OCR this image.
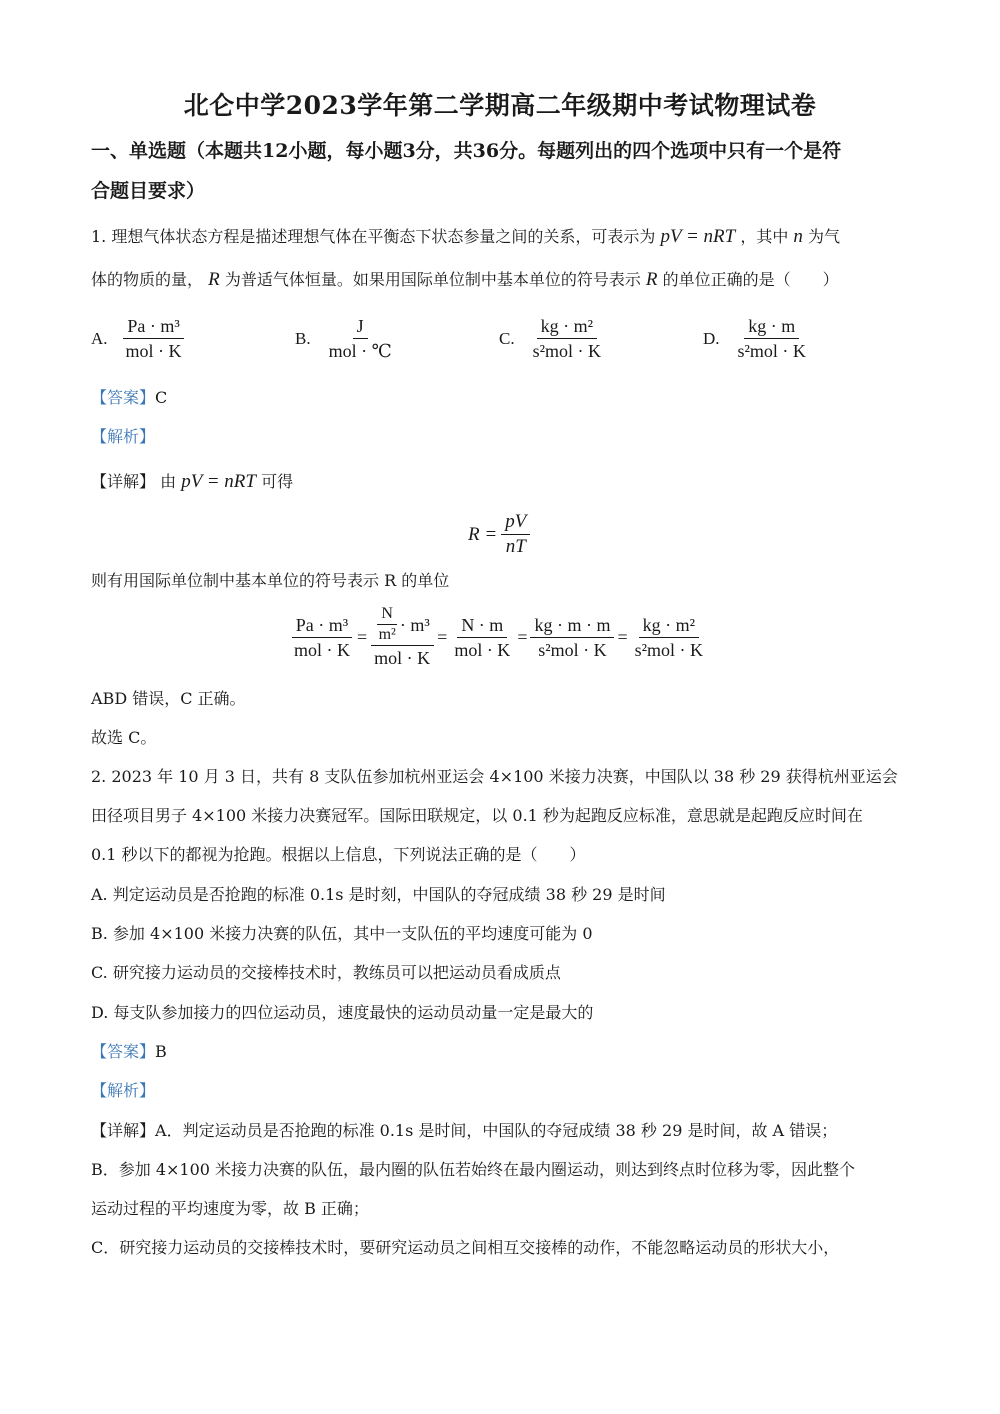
北仑中学2023学年第二学期高二年级期中考试物理试卷
一、单选题（本题共12小题，每小题3分，共36分。每题列出的四个选项中只有一个是符
合题目要求）
1. 理想气体状态方程是描述理想气体在平衡态下状态参量之间的关系，可表示为 pV = nRT ，其中 n 为气
体的物质的量， R 为普适气体恒量。如果用国际单位制中基本单位的符号表示 R 的单位正确的是（　　）
A. $\frac{\text{Pa · m³}}{\text{mol · K}}$	B. $\frac{J}{\text{mol · ℃}}$	C. $\frac{\text{kg · m²}}{\text{s²mol · K}}$	D. $\frac{kg \cdot m}{\text{s²mol · K}}$
【答案】C
【解析】
【详解】 由 pV = nRT 可得
$R = \frac{pV}{nT}$
则有用国际单位制中基本单位的符号表示 R 的单位
$\frac{\text{Pa · m³}}{\text{mol · K}} = \frac{\frac{N}{\text{m²}} \cdot m^3}{\text{mol · K}} = \frac{N \cdot m}{\text{mol · K}} = \frac{kg \cdot m \cdot m}{\text{s²mol · K}} = \frac{\text{kg · m²}}{\text{s²mol · K}}$
ABD 错误，C 正确。
故选 C。
2. 2023 年 10 月 3 日，共有 8 支队伍参加杭州亚运会 4×100 米接力决赛，中国队以 38 秒 29 获得杭州亚运会
田径项目男子 4×100 米接力决赛冠军。国际田联规定，以 0.1 秒为起跑反应标准，意思就是起跑反应时间在
0.1 秒以下的都视为抢跑。根据以上信息，下列说法正确的是（　　）
A. 判定运动员是否抢跑的标准 0.1s 是时刻，中国队的夺冠成绩 38 秒 29 是时间
B. 参加 4×100 米接力决赛的队伍，其中一支队伍的平均速度可能为 0
C. 研究接力运动员的交接棒技术时，教练员可以把运动员看成质点
D. 每支队参加接力的四位运动员，速度最快的运动员动量一定是最大的
【答案】B
【解析】
【详解】A．判定运动员是否抢跑的标准 0.1s 是时间，中国队的夺冠成绩 38 秒 29 是时间，故 A 错误；
B．参加 4×100 米接力决赛的队伍，最内圈的队伍若始终在最内圈运动，则达到终点时位移为零，因此整个
运动过程的平均速度为零，故 B 正确；
C．研究接力运动员的交接棒技术时，要研究运动员之间相互交接棒的动作，不能忽略运动员的形状大小，
